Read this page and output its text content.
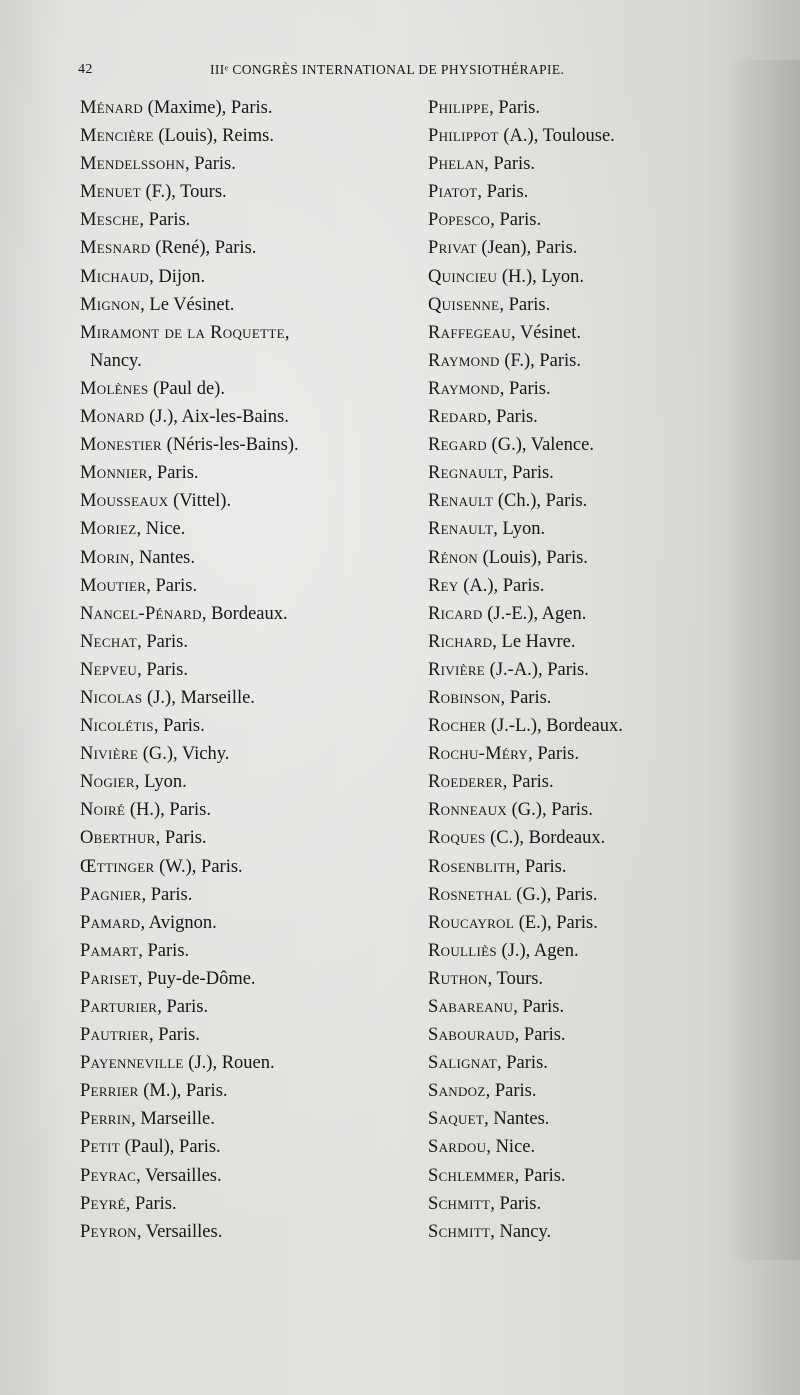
42	IIIᵉ CONGRÈS INTERNATIONAL DE PHYSIOTHÉRAPIE.
Ménard (Maxime), Paris.
Mencière (Louis), Reims.
Mendelssohn, Paris.
Menuet (F.), Tours.
Mesche, Paris.
Mesnard (René), Paris.
Michaud, Dijon.
Mignon, Le Vésinet.
Miramont de la Roquette,
Nancy.
Molènes (Paul de).
Monard (J.), Aix-les-Bains.
Monestier (Néris-les-Bains).
Monnier, Paris.
Mousseaux (Vittel).
Moriez, Nice.
Morin, Nantes.
Moutier, Paris.
Nancel-Pénard, Bordeaux.
Nechat, Paris.
Nepveu, Paris.
Nicolas (J.), Marseille.
Nicolétis, Paris.
Nivière (G.), Vichy.
Nogier, Lyon.
Noiré (H.), Paris.
Oberthur, Paris.
Œttinger (W.), Paris.
Pagnier, Paris.
Pamard, Avignon.
Pamart, Paris.
Pariset, Puy-de-Dôme.
Parturier, Paris.
Pautrier, Paris.
Payenneville (J.), Rouen.
Perrier (M.), Paris.
Perrin, Marseille.
Petit (Paul), Paris.
Peyrac, Versailles.
Peyré, Paris.
Peyron, Versailles.
Philippe, Paris.
Philippot (A.), Toulouse.
Phelan, Paris.
Piatot, Paris.
Popesco, Paris.
Privat (Jean), Paris.
Quincieu (H.), Lyon.
Quisenne, Paris.
Raffegeau, Vésinet.
Raymond (F.), Paris.
Raymond, Paris.
Redard, Paris.
Regard (G.), Valence.
Regnault, Paris.
Renault (Ch.), Paris.
Renault, Lyon.
Rénon (Louis), Paris.
Rey (A.), Paris.
Ricard (J.-E.), Agen.
Richard, Le Havre.
Rivière (J.-A.), Paris.
Robinson, Paris.
Rocher (J.-L.), Bordeaux.
Rochu-Méry, Paris.
Roederer, Paris.
Ronneaux (G.), Paris.
Roques (C.), Bordeaux.
Rosenblith, Paris.
Rosnethal (G.), Paris.
Roucayrol (E.), Paris.
Roulliès (J.), Agen.
Ruthon, Tours.
Sabareanu, Paris.
Sabouraud, Paris.
Salignat, Paris.
Sandoz, Paris.
Saquet, Nantes.
Sardou, Nice.
Schlemmer, Paris.
Schmitt, Paris.
Schmitt, Nancy.
